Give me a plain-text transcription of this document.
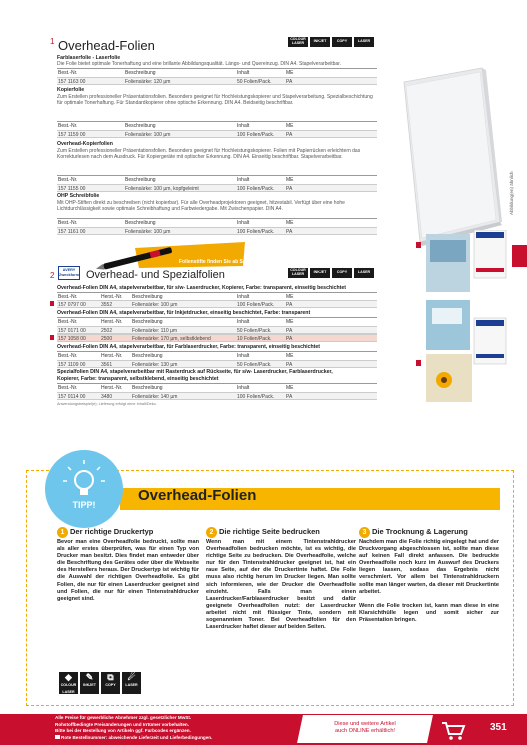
1 Overhead-Folien	COLOUR
LASER	INKJET	COPY	LASER
Farblaserfolie - Laserfolie
Die Folie bietet optimale Tonerhaftung und eine brillante Abbildungsqualität. Längs- und Quereinzug. DIN A4. Stapelverarbeitbar.
Best.-Nr.	Beschreibung	Inhalt	ME
157 1163 00	Foliensärke: 120 µm	50 Folien/Pack.	PA
Kopierfolie
Zum Erstellen professioneller Präsentationsfolien. Besonders geeignet für Hochleistungskopierer und Stapelverarbeitung. Spezialbeschichtung für optimale Tonerhaftung. Für Standardkopierer ohne optische Erkennung. DIN A4. Beidseitig beschriftbar.
Best.-Nr.	Beschreibung	Inhalt	ME
157 1159 00	Foliensärke: 100 µm	100 Folien/Pack. PA
Overhead-Kopierfolien
Zum Erstellen professioneller Präsentationsfolien. Besonders geeignet für Hochleistungskopierer. Folien mit Papierrücken erleichtern das Korrekturlesen nach dem Ausdruck. Für Kopiergeräte mit optischer Erkennung. DIN A4. Einseitig beschriftbar. Stapelverarbeitbar.
Best.-Nr.	Beschreibung	Inhalt	ME
157 1155 00	Foliensärke: 100 µm, kopfgeleimt	100 Folien/Pack. PA
OHP Schreibfolie
Mit OHP-Stiften direkt zu beschreiben (nicht kopierbar). Für alle Overheadprojektoren geeignet, hitzestabil. Verfügt über eine hohe Lichtdurchlässigkeit sowie optimale Schreibhaftung und Farbwiedergabe. Mit Zwischenpapier. DIN A4.
Best.-Nr.	Beschreibung	Inhalt	ME
157 1161 00	Foliensärke: 100 µm	100 Folien/Pack. PA
Abbildung(en) ähnlich
Folienstifte finden Sie ab Seite 403.
2
AVERY Zweckform Overhead- und Spezialfolien	COLOUR
LASER	INKJET	COPY	LASER
Overhead-Folien DIN A4, stapelverarbeitbar, für s/w- Laserdrucker, Kopierer, Farbe: transparent, einseitig beschichtet
Best.-Nr.	Herst.-Nr. Beschreibung	Inhalt	ME
157 0797 00	3552	Foliensärke: 100 µm	100 Folien/Pack. PA
Overhead-Folien DIN A4, stapelverarbeitbar, für Inkjetdrucker, einseitig beschichtet, Farbe: transparent
Best.-Nr.	Herst.-Nr. Beschreibung	Inhalt	ME
157 0171 00	2502	Foliensärke: 110 µm	50 Folien/Pack.	PA
157 1058 00	2500	Foliensärke: 170 µm, selbstklebend	10 Folien/Pack.	PA
Overhead-Folien DIN A4, stapelverarbeitbar, für Farblaserdrucker, Farbe: transparent, einseitig beschichtet
Best.-Nr.	Herst.-Nr. Beschreibung	Inhalt	ME
157 1109 00	3561	Foliensärke: 130 µm	50 Folien/Pack.	PA
Spezialfolien DIN A4, stapelverarbeitbar mit Rasterdruck auf Rückseite, für s/w- Laserdrucker, Farblaserdrucker,
Kopierer, Farbe: transparent, selbstklebend, einseitig beschichtet
Best.-Nr.	Herst.-Nr. Beschreibung	Inhalt	ME
157 0114 00	3480	Foliensärke: 140 µm	100 Folien/Pack. PA
Anwendungsbeispiel(e); Lieferung erfolgt ohne Inhalt/Deko.
Overhead-Folien
TIPP!
1 Der richtige Druckertyp
Bevor man eine Overheadfolie bedruckt, sollte man als aller erstes überprüfen, was für einen Typ von Drucker man besitzt. Dies findet man entweder über die Beschriftung des Gerätes oder über die Webseite des Herstellers heraus. Der Druckertyp ist wichtig für die Auswahl der richtigen Overheadfolie. Es gibt Folien, die nur für einen Laserdrucker geeignet sind und Folien, die nur für einen Tintenstrahldrucker geeignet sind.
2 Die richtige Seite bedrucken
Wenn man mit einem Tintenstrahldrucker Overheadfolien bedrucken möchte, ist es wichtig, die richtige Seite zu bedrucken. Die Overheadfolie, welche nur für den Tintenstrahldrucker geeignet ist, hat ein raue Seite, auf der die Druckertinte haftet. Die Folie muss also richtig herum im Drucker liegen. Man sollte sich informieren, wie der Drucker die Overheadfolie einzieht. Falls man einen Laserdrucker/Farblaserdrucker besitzt und dafür geeignete Overheadfolien nutzt: der Laserdrucker arbeitet nicht mit flüssiger Tinte, sondern mit sogenanntem Toner. Bei Overheadfolien für den Laserdrucker haftet dieser auf beiden Seiten.
3 Die Trocknung & Lagerung
Nachdem man die Folie richtig eingelegt hat und der Druckvorgang abgeschlossen ist, sollte man diese auf keinen Fall direkt anfassen. Die bedruckte Overheadfolie noch kurz im Auswurf des Druckers liegen lassen, sodass das Ergebnis nicht verschmiert. Vor allem bei Tintenstrahldruckern sollte man länger warten, da dieser mit Druckertinte arbeitet.

Wenn die Folie trocken ist, kann man diese in eine Klarsichthülle legen und somit sicher zur Präsentation bringen.
◆
COLOUR
LASER
✎
INKJET
⧉
COPY
☄
LASER
Alle Preise für gewerbliche Abnehmer zzgl. gesetzlicher MwSt.
Rohstoffbedingte Preisänderungen und Irrtümer vorbehalten.
Bitte bei der Bestellung von Artikeln ggf. Farbcodes ergänzen.
Rote Bestellnummer: abweichende Lieferzeit und Lieferbedingungen.
Diese und weitere Artikel
auch ONLINE erhältlich!	351
